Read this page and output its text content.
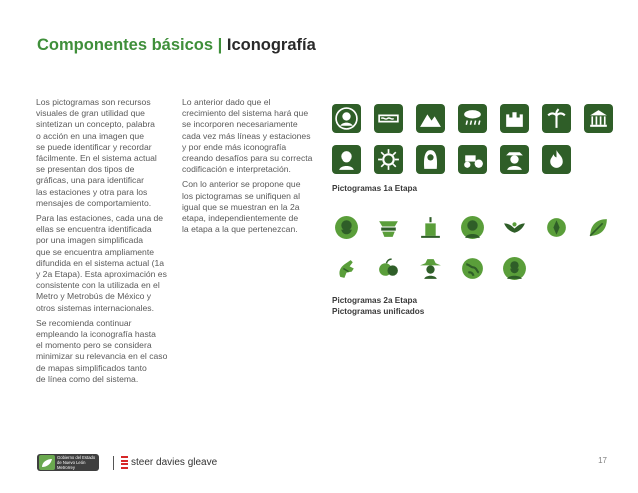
Componentes básicos | Iconografía

Los pictogramas son recursos
visuales de gran utilidad que
sintetizan un concepto, palabra
o acción en una imagen que
se puede identificar y recordar
fácilmente. En el sistema actual
se presentan dos tipos de
gráficas, una para identificar
las estaciones y otra para los
mensajes de comportamiento.

Para las estaciones, cada una de
ellas se encuentra identificada
por una imagen simplificada
que se encuentra ampliamente
difundida en el sistema actual (1a
y 2a Etapa). Esta aproximación es
consistente con la utilizada en el
Metro y Metrobús de México y
otros sistemas internacionales.

Se recomienda continuar
empleando la iconografía hasta
el momento pero se considera
minimizar su relevancia en el caso
de mapas simplificados tanto
de línea como del sistema.

Lo anterior dado que el
crecimiento del sistema hará que
se incorporen necesariamente
cada vez más líneas y estaciones
y por ende más iconografía
creando desafíos para su correcta
codificación e interpretación.

Con lo anterior se propone que
los pictogramas se unifiquen al
igual que se muestran en la 2a
etapa, independientemente de
la etapa a la que pertenezcan.

Pictogramas 1a Etapa
Pictogramas 2a Etapa
Pictogramas unificados
Gobierno del Estado
de Nuevo León
Metrorrey	steer davies gleave	17
